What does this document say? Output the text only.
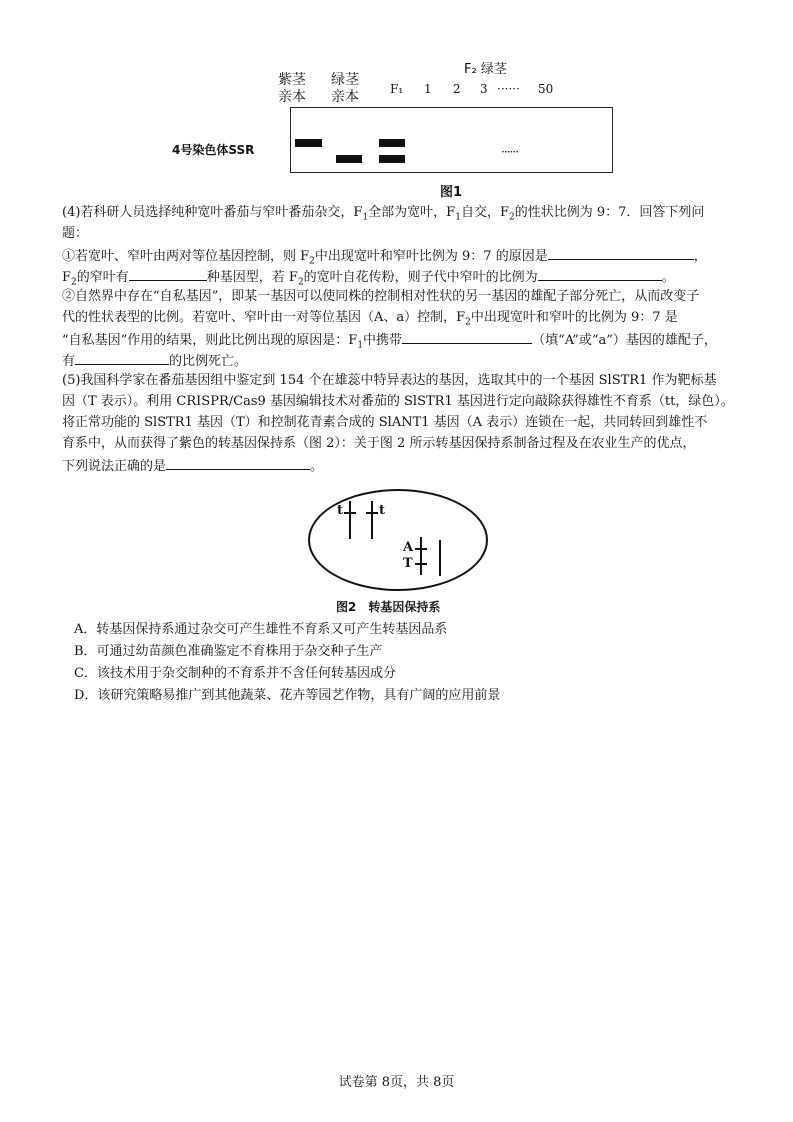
紫茎
亲本
绿茎
亲本
F₂ 绿茎
F₁ 1 2 3 ······ 50
4号染色体SSR	······
图1
(4)若科研人员选择纯种宽叶番茄与窄叶番茄杂交，$F_1$全部为宽叶，$F_1$自交，$F_2$的性状比例为 9：7．回答下列问
题：
①若宽叶、窄叶由两对等位基因控制，则 $F_2$中出现宽叶和窄叶比例为 9：7 的原因是	，
$F_2$的窄叶有	种基因型，若 $F_2$的宽叶自花传粉，则子代中窄叶的比例为	。
②自然界中存在“自私基因”，即某一基因可以使同株的控制相对性状的另一基因的雄配子部分死亡，从而改变子
代的性状表型的比例。若宽叶、窄叶由一对等位基因（A、a）控制，$F_2$中出现宽叶和窄叶的比例为 9：7 是
“自私基因”作用的结果，则此比例出现的原因是：$F_1$中携带	（填“A”或“a”）基因的雄配子，
有	的比例死亡。
(5)我国科学家在番茄基因组中鉴定到 154 个在雄蕊中特异表达的基因，选取其中的一个基因 SlSTR1 作为靶标基
因（T 表示）。利用 CRISPR/Cas9 基因编辑技术对番茄的 SlSTR1 基因进行定向敲除获得雄性不育系（tt，绿色）。
将正常功能的 SlSTR1 基因（T）和控制花青素合成的 SlANT1 基因（A 表示）连锁在一起，共同转回到雄性不
育系中，从而获得了紫色的转基因保持系（图 2）：关于图 2 所示转基因保持系制备过程及在农业生产的优点，
下列说法正确的是	。
t	t
A
T
图2　转基因保持系
A．转基因保持系通过杂交可产生雄性不育系又可产生转基因品系
B．可通过幼苗颜色准确鉴定不育株用于杂交种子生产
C．该技术用于杂交制种的不育系并不含任何转基因成分
D．该研究策略易推广到其他蔬菜、花卉等园艺作物，具有广阔的应用前景
试卷第 8页，共 8页
